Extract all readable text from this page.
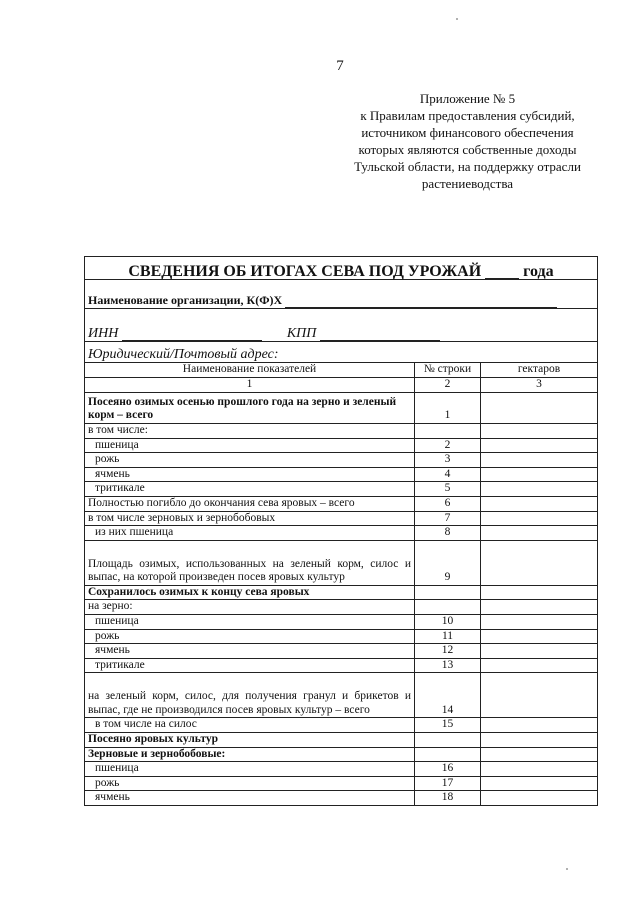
7
Приложение № 5
к Правилам предоставления субсидий,
источником финансового обеспечения
которых являются собственные доходы
Тульской области, на поддержку отрасли
растениеводства
СВЕДЕНИЯ ОБ ИТОГАХ СЕВА ПОД УРОЖАЙ года		
Наименование организации, К(Ф)Х		
ИНН КПП		
Юридический/Почтовый адрес:		
Наименование показателей	№ строки	гектаров
1	2	3
Посеяно озимых осенью прошлого года на зерно и зеленый корм – всего	1	
в том числе:		
пшеница	2	
рожь	3	
ячмень	4	
тритикале	5	
Полностью погибло до окончания сева яровых – всего	6	
в том числе зерновых и зернобобовых	7	
из них пшеница	8	
Площадь озимых, использованных на зеленый корм, силос и выпас, на которой произведен посев яровых культур	9	
Сохранилось озимых к концу сева яровых		
на зерно:		
пшеница	10	
рожь	11	
ячмень	12	
тритикале	13	
на зеленый корм, силос, для получения гранул и брикетов и выпас, где не производился посев яровых культур – всего	14	
в том числе на силос	15	
Посеяно яровых культур		
Зерновые и зернобобовые:		
пшеница	16	
рожь	17	
ячмень	18	
